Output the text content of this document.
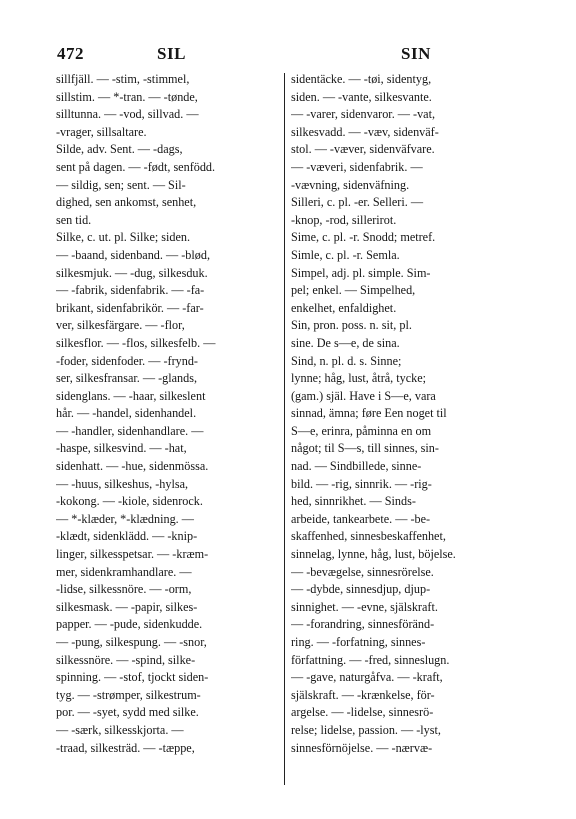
472	SIL	SIN
sillfjäll. — -stim, -stimmel,
sillstim. — *-tran. — -tønde,
silltunna. — -vod, sillvad. —
-vrager, sillsaltare.
Silde, adv. Sent. — -dags,
sent på dagen. — -født, senfödd.
— sildig, sen; sent. — Sil-
dighed, sen ankomst, senhet,
sen tid.
Silke, c. ut. pl. Silke; siden.
— -baand, sidenband. — -blød,
silkesmjuk. — -dug, silkesduk.
— -fabrik, sidenfabrik. — -fa-
brikant, sidenfabrikör. — -far-
ver, silkesfärgare. — -flor,
silkesflor. — -flos, silkesfelb. —
-foder, sidenfoder. — -frynd-
ser, silkesfransar. — -glands,
sidenglans. — -haar, silkeslent
hår. — -handel, sidenhandel.
— -handler, sidenhandlare. —
-haspe, silkesvind. — -hat,
sidenhatt. — -hue, sidenmössa.
— -huus, silkeshus, -hylsa,
-kokong. — -kiole, sidenrock.
— *-klæder, *-klædning. —
-klædt, sidenklädd. — -knip-
linger, silkesspetsar. — -kræm-
mer, sidenkramhandlare. —
-lidse, silkessnöre. — -orm,
silkesmask. — -papir, silkes-
papper. — -pude, sidenkudde.
— -pung, silkespung. — -snor,
silkessnöre. — -spind, silke-
spinning. — -stof, tjockt siden-
tyg. — -strømper, silkestrum-
por. — -syet, sydd med silke.
— -særk, silkesskjorta. —
-traad, silkesträd. — -tæppe,
sidentäcke. — -tøi, sidentyg,
siden. — -vante, silkesvante.
— -varer, sidenvaror. — -vat,
silkesvadd. — -væv, sidenväf-
stol. — -væver, sidenväfvare.
— -væveri, sidenfabrik. —
-vævning, sidenväfning.
Silleri, c. pl. -er. Selleri. —
-knop, -rod, sillerirot.
Sime, c. pl. -r. Snodd; metref.
Simle, c. pl. -r. Semla.
Simpel, adj. pl. simple. Sim-
pel; enkel. — Simpelhed,
enkelhet, enfaldighet.
Sin, pron. poss. n. sit, pl.
sine. De s—e, de sina.
Sind, n. pl. d. s. Sinne;
lynne; håg, lust, åtrå, tycke;
(gam.) själ. Have i S—e, vara
sinnad, ämna; føre Een noget til
S—e, erinra, påminna en om
något; til S—s, till sinnes, sin-
nad. — Sindbillede, sinne-
bild. — -rig, sinnrik. — -rig-
hed, sinnrikhet. — Sinds-
arbeide, tankearbete. — -be-
skaffenhed, sinnesbeskaffenhet,
sinnelag, lynne, håg, lust, böjelse.
— -bevægelse, sinnesrörelse.
— -dybde, sinnesdjup, djup-
sinnighet. — -evne, själskraft.
— -forandring, sinnesföränd-
ring. — -forfatning, sinnes-
författning. — -fred, sinneslugn.
— -gave, naturgåfva. — -kraft,
själskraft. — -krænkelse, för-
argelse. — -lidelse, sinnesrö-
relse; lidelse, passion. — -lyst,
sinnesförnöjelse. — -nærvæ-
